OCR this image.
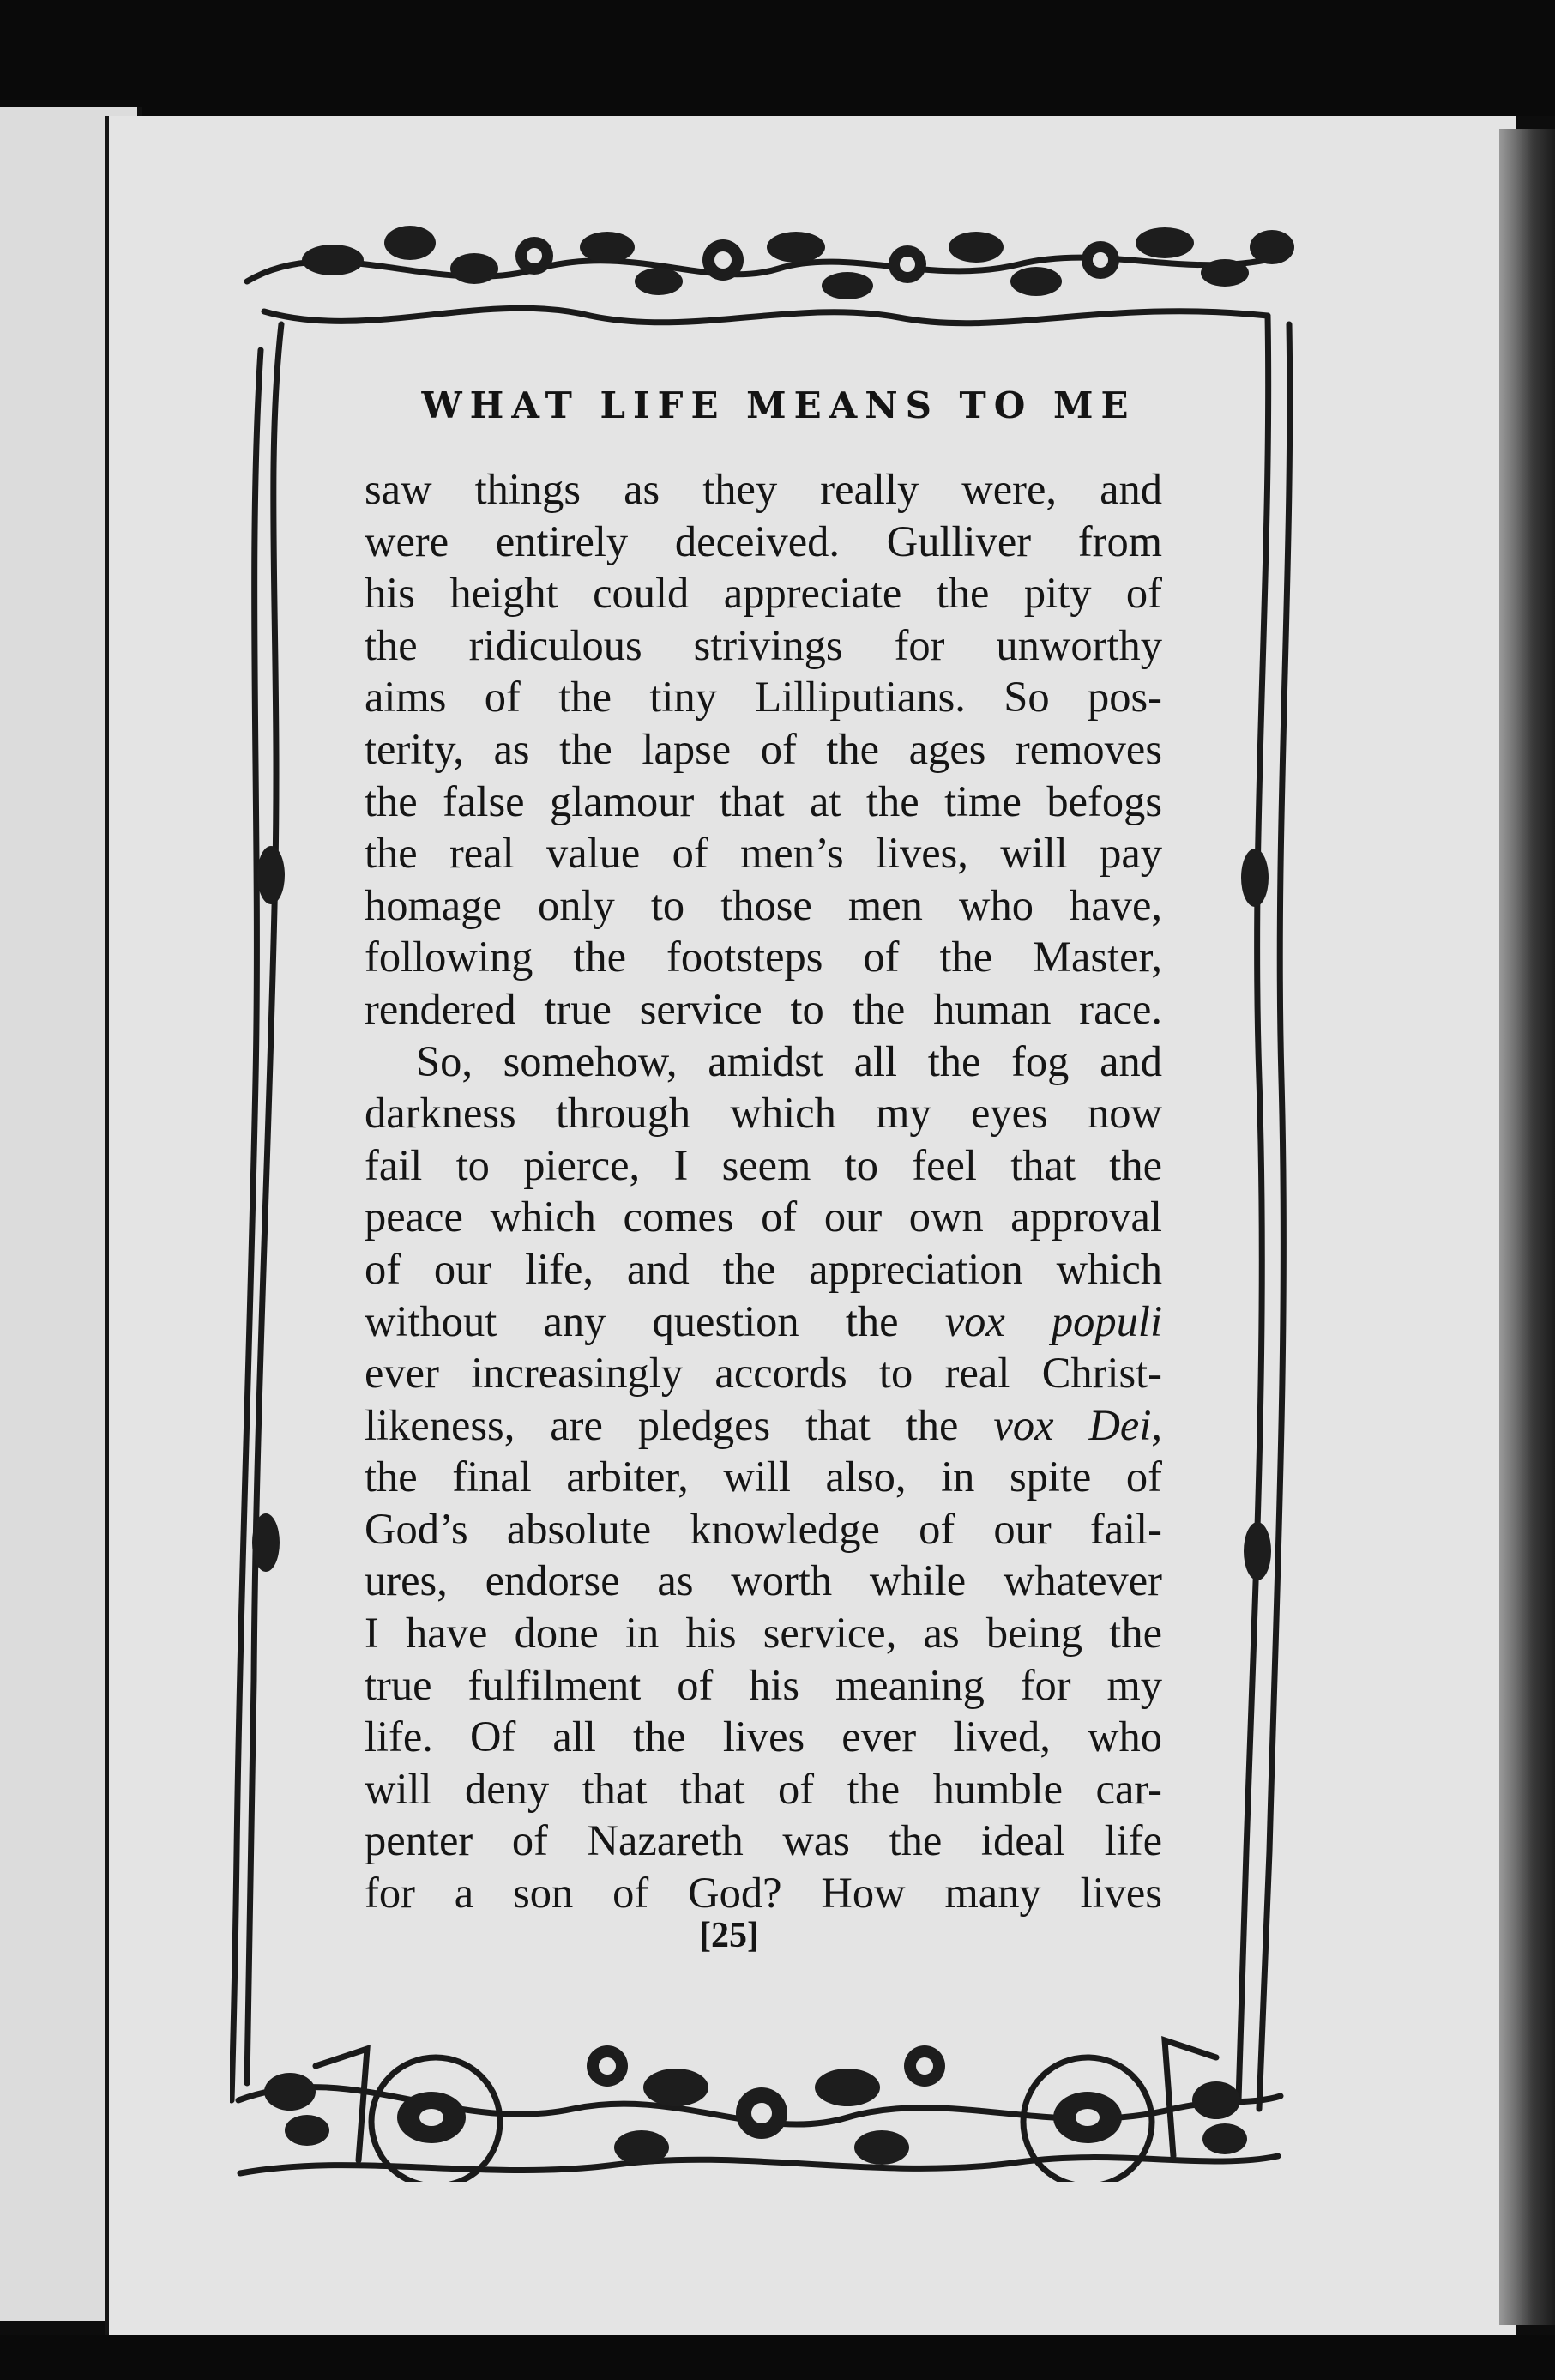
WHAT LIFE MEANS TO ME
saw things as they really were, and
were entirely deceived. Gulliver from
his height could appreciate the pity of
the ridiculous strivings for unworthy
aims of the tiny Lilliputians. So pos-
terity, as the lapse of the ages removes
the false glamour that at the time befogs
the real value of men’s lives, will pay
homage only to those men who have,
following the footsteps of the Master,
rendered true service to the human race.
So, somehow, amidst all the fog and
darkness through which my eyes now
fail to pierce, I seem to feel that the
peace which comes of our own approval
of our life, and the appreciation which
without any question the vox populi
ever increasingly accords to real Christ-
likeness, are pledges that the vox Dei,
the final arbiter, will also, in spite of
God’s absolute knowledge of our fail-
ures, endorse as worth while whatever
I have done in his service, as being the
true fulfilment of his meaning for my
life. Of all the lives ever lived, who
will deny that that of the humble car-
penter of Nazareth was the ideal life
for a son of God? How many lives
[25]
